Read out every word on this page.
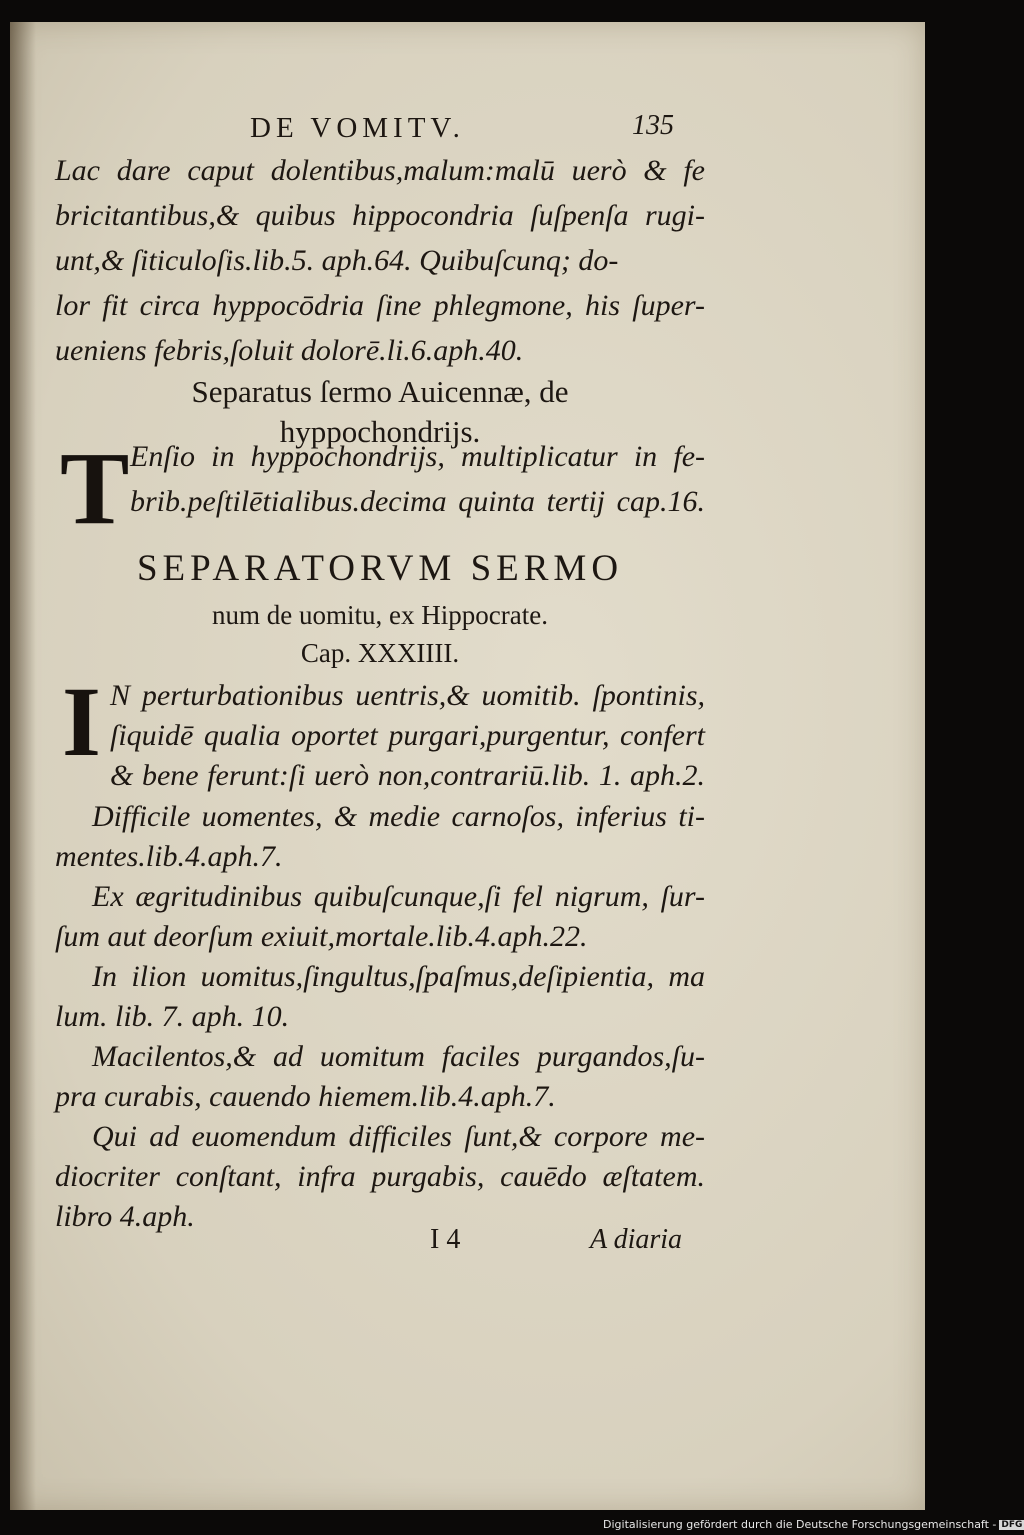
DE VOMITV.	135

Lac dare caput dolentibus,malum:malū uerò & fe

bricitantibus,& quibus hippocondria ſuſpenſa rugi-

unt,& ſiticuloſis.lib.5. aph.64. Quibuſcunq; do-

lor fit circa hyppocōdria ſine phlegmone, his ſuper-

ueniens febris,ſoluit dolorē.li.6.aph.40.

Separatus ſermo Auicennæ, de

hyppochondrijs.

T Enſio in hyppochondrijs, multiplicatur in fe-

brib.peſtilētialibus.decima quinta tertij cap.16.

SEPARATORVM SERMO

num de uomitu, ex Hippocrate.

Cap. XXXIIII.

I N perturbationibus uentris,& uomitib. ſpontinis,

ſiquidē qualia oportet purgari,purgentur, confert

& bene ferunt:ſi uerò non,contrariū.lib. 1. aph.2.

Difficile uomentes, & medie carnoſos, inferius ti-

mentes.lib.4.aph.7.

Ex ægritudinibus quibuſcunque,ſi fel nigrum, ſur-

ſum aut deorſum exiuit,mortale.lib.4.aph.22.

In ilion uomitus,ſingultus,ſpaſmus,deſipientia, ma

lum. lib. 7. aph. 10.

Macilentos,& ad uomitum faciles purgandos,ſu-

pra curabis, cauendo hiemem.lib.4.aph.7.

Qui ad euomendum difficiles ſunt,& corpore me-

diocriter conſtant, infra purgabis, cauēdo æſtatem.

libro 4.aph.

I 4	A diaria
Digitalisierung gefördert durch die Deutsche Forschungsgemeinschaft - DFG
